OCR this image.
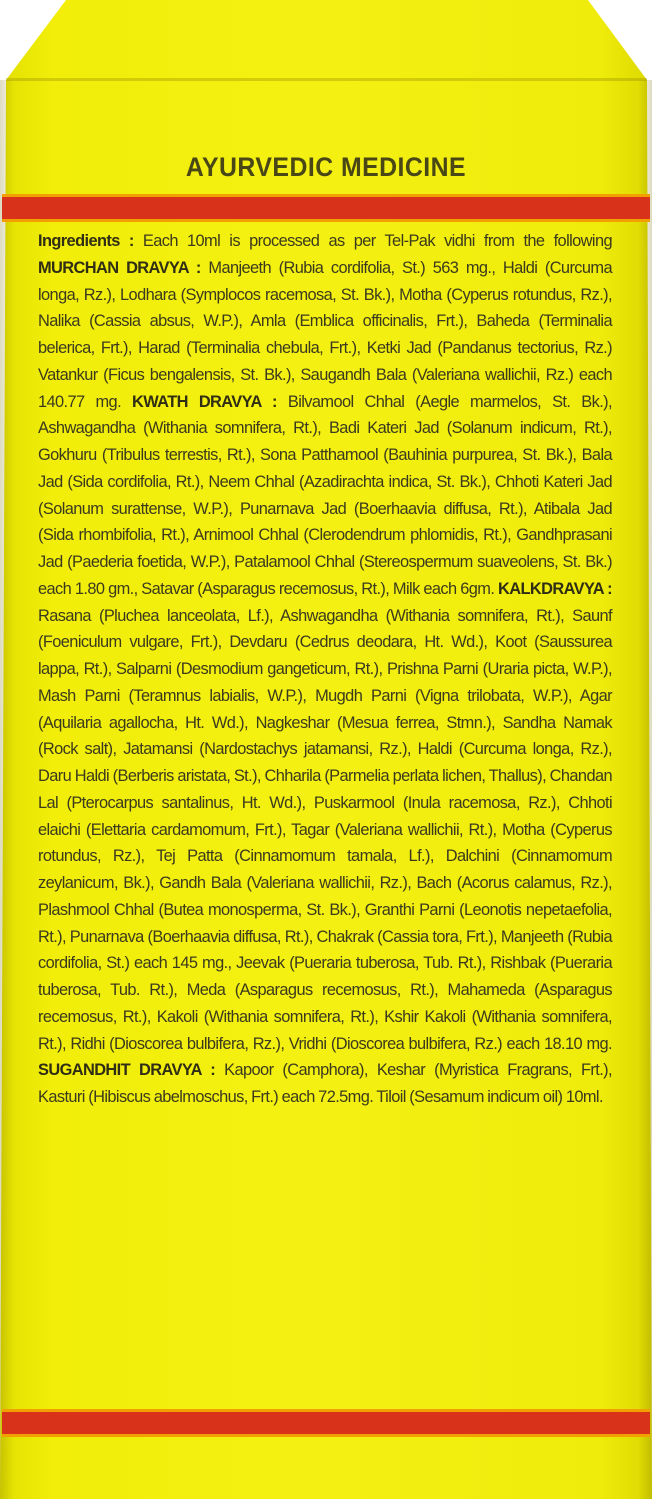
AYURVEDIC MEDICINE
Ingredients : Each 10ml is processed as per Tel-Pak vidhi from the following MURCHAN DRAVYA : Manjeeth (Rubia cordifolia, St.) 563 mg., Haldi (Curcuma longa, Rz.), Lodhara (Symplocos racemosa, St. Bk.), Motha (Cyperus rotundus, Rz.), Nalika (Cassia absus, W.P.), Amla (Emblica officinalis, Frt.), Baheda (Terminalia belerica, Frt.), Harad (Terminalia chebula, Frt.), Ketki Jad (Pandanus tectorius, Rz.) Vatankur (Ficus bengalensis, St. Bk.), Saugandh Bala (Valeriana wallichii, Rz.) each 140.77 mg. KWATH DRAVYA : Bilvamool Chhal (Aegle marmelos, St. Bk.), Ashwagandha (Withania somnifera, Rt.), Badi Kateri Jad (Solanum indicum, Rt.), Gokhuru (Tribulus terrestis, Rt.), Sona Patthamool (Bauhinia purpurea, St. Bk.), Bala Jad (Sida cordifolia, Rt.), Neem Chhal (Azadirachta indica, St. Bk.), Chhoti Kateri Jad (Solanum surattense, W.P.), Punarnava Jad (Boerhaavia diffusa, Rt.), Atibala Jad (Sida rhombifolia, Rt.), Arnimool Chhal (Clerodendrum phlomidis, Rt.), Gandhprasani Jad (Paederia foetida, W.P.), Patalamool Chhal (Stereospermum suaveolens, St. Bk.) each 1.80 gm., Satavar (Asparagus recemosus, Rt.), Milk each 6gm. KALKDRAVYA : Rasana (Pluchea lanceolata, Lf.), Ashwagandha (Withania somnifera, Rt.), Saunf (Foeniculum vulgare, Frt.), Devdaru (Cedrus deodara, Ht. Wd.), Koot (Saussurea lappa, Rt.), Salparni (Desmodium gangeticum, Rt.), Prishna Parni (Uraria picta, W.P.), Mash Parni (Teramnus labialis, W.P.), Mugdh Parni (Vigna trilobata, W.P.), Agar (Aquilaria agallocha, Ht. Wd.), Nagkeshar (Mesua ferrea, Stmn.), Sandha Namak (Rock salt), Jatamansi (Nardostachys jatamansi, Rz.), Haldi (Curcuma longa, Rz.), Daru Haldi (Berberis aristata, St.), Chharila (Parmelia perlata lichen, Thallus), Chandan Lal (Pterocarpus santalinus, Ht. Wd.), Puskarmool (Inula racemosa, Rz.), Chhoti elaichi (Elettaria cardamomum, Frt.), Tagar (Valeriana wallichii, Rt.), Motha (Cyperus rotundus, Rz.), Tej Patta (Cinnamomum tamala, Lf.), Dalchini (Cinnamomum zeylanicum, Bk.), Gandh Bala (Valeriana wallichii, Rz.), Bach (Acorus calamus, Rz.), Plashmool Chhal (Butea monosperma, St. Bk.), Granthi Parni (Leonotis nepetaefolia, Rt.), Punarnava (Boerhaavia diffusa, Rt.), Chakrak (Cassia tora, Frt.), Manjeeth (Rubia cordifolia, St.) each 145 mg., Jeevak (Pueraria tuberosa, Tub. Rt.), Rishbak (Pueraria tuberosa, Tub. Rt.), Meda (Asparagus recemosus, Rt.), Mahameda (Asparagus recemosus, Rt.), Kakoli (Withania somnifera, Rt.), Kshir Kakoli (Withania somnifera, Rt.), Ridhi (Dioscorea bulbifera, Rz.), Vridhi (Dioscorea bulbifera, Rz.) each 18.10 mg. SUGANDHIT DRAVYA : Kapoor (Camphora), Keshar (Myristica Fragrans, Frt.), Kasturi (Hibiscus abelmoschus, Frt.) each 72.5mg. Tiloil (Sesamum indicum oil) 10ml.
